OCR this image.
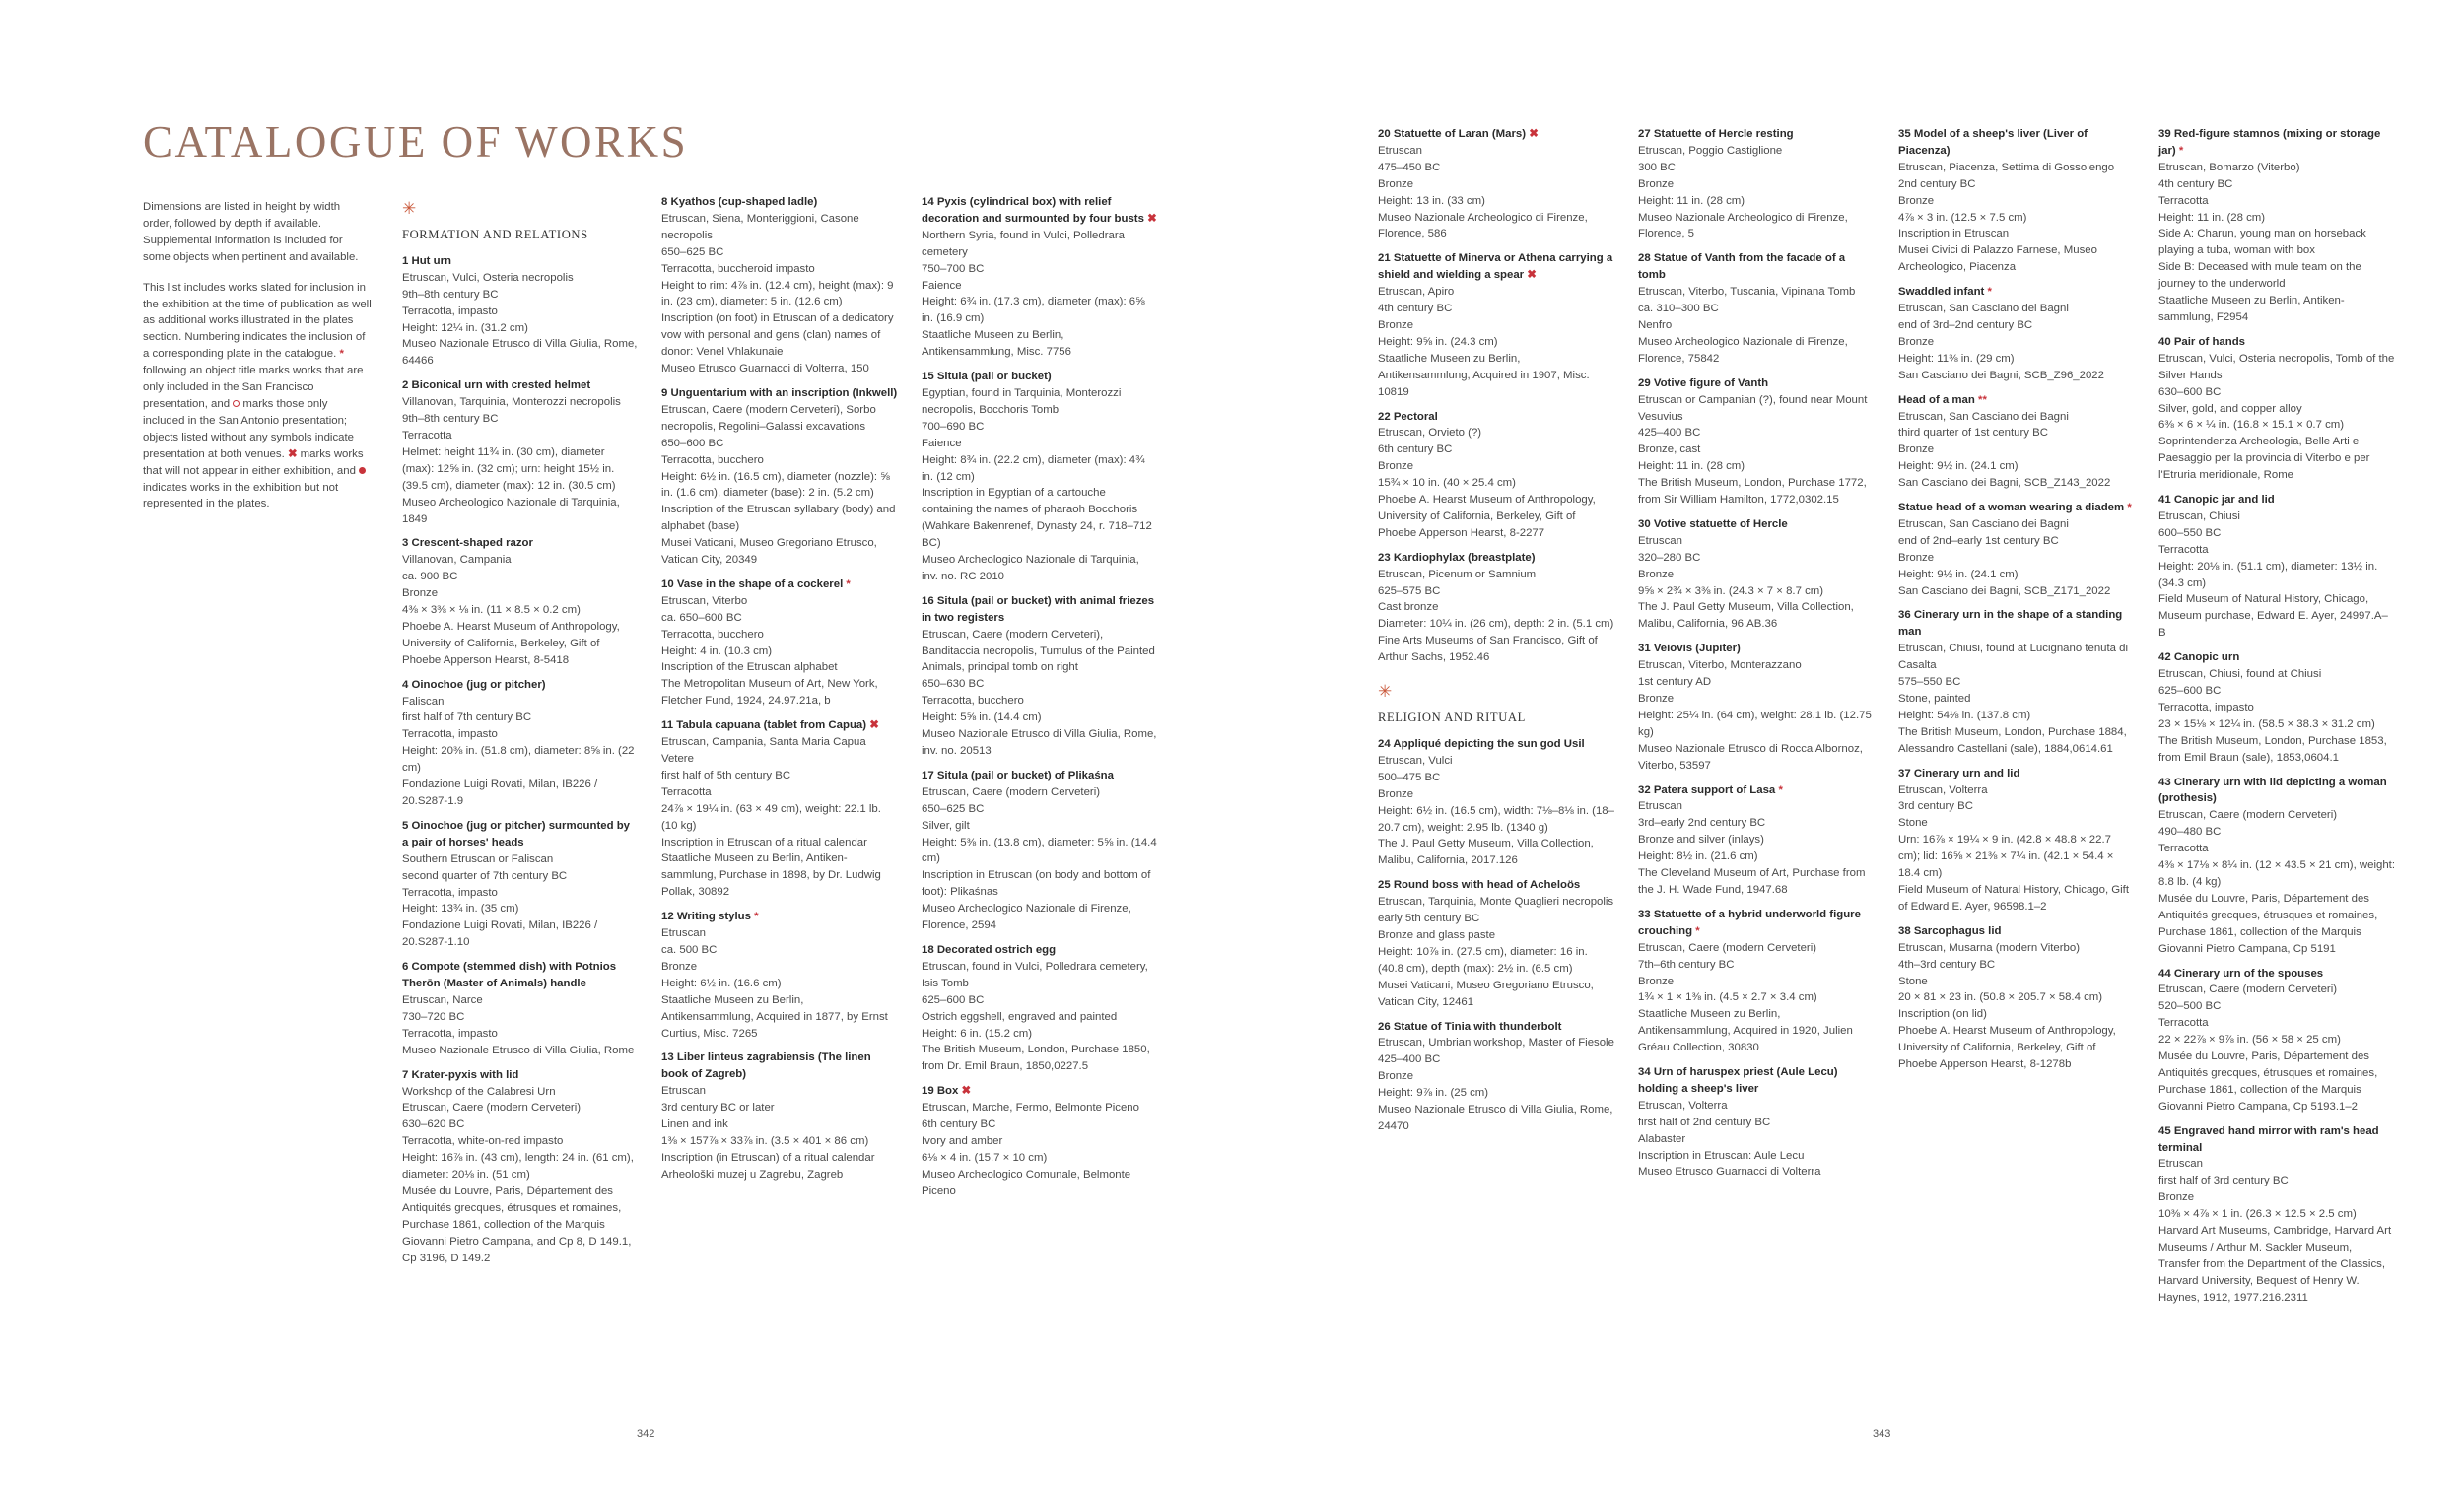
CATALOGUE OF WORKS

Dimensions are listed in height by width order, followed by depth if available. Supplemental information is included for some objects when pertinent and available.

This list includes works slated for inclusion in the exhibition at the time of publication as well as additional works illustrated in the plates section. Numbering indicates the inclusion of a corresponding plate in the catalogue. * following an object title marks works that are only included in the San Francisco presentation, and marks those only included in the San Antonio presentation; objects listed without any symbols indicate presentation at both venues. ✖ marks works that will not appear in either exhibition, and  indicates works in the exhibition but not represented in the plates.

✳
FORMATION AND RELATIONS
1 Hut urn
Etruscan, Vulci, Osteria necropolis
9th–8th century BC
Terracotta, impasto
Height: 12¼ in. (31.2 cm)
Museo Nazionale Etrusco di Villa Giulia, Rome, 64466
2 Biconical urn with crested helmet
Villanovan, Tarquinia, Monterozzi necropolis
9th–8th century BC
Terracotta
Helmet: height 11¾ in. (30 cm), diameter (max): 12⅝ in. (32 cm); urn: height 15½ in. (39.5 cm), diameter (max): 12 in. (30.5 cm)
Museo Archeologico Nazionale di Tarquinia, 1849
3 Crescent-shaped razor
Villanovan, Campania
ca. 900 BC
Bronze
4⅜ × 3⅜ × ⅛ in. (11 × 8.5 × 0.2 cm)
Phoebe A. Hearst Museum of Anthropology, University of California, Berkeley, Gift of Phoebe Apperson Hearst, 8-5418
4 Oinochoe (jug or pitcher)
Faliscan
first half of 7th century BC
Terracotta, impasto
Height: 20⅜ in. (51.8 cm), diameter: 8⅝ in. (22 cm)
Fondazione Luigi Rovati, Milan, IB226 / 20.S287-1.9
5 Oinochoe (jug or pitcher) surmounted by a pair of horses' heads
Southern Etruscan or Faliscan
second quarter of 7th century BC
Terracotta, impasto
Height: 13¾ in. (35 cm)
Fondazione Luigi Rovati, Milan, IB226 / 20.S287-1.10
6 Compote (stemmed dish) with Potnios Therōn (Master of Animals) handle
Etruscan, Narce
730–720 BC
Terracotta, impasto
Museo Nazionale Etrusco di Villa Giulia, Rome
7 Krater-pyxis with lid
Workshop of the Calabresi Urn
Etruscan, Caere (modern Cerveteri)
630–620 BC
Terracotta, white-on-red impasto
Height: 16⅞ in. (43 cm), length: 24 in. (61 cm), diameter: 20⅛ in. (51 cm)
Musée du Louvre, Paris, Département des Antiquités grecques, étrusques et romaines, Purchase 1861, collection of the Marquis Giovanni Pietro Campana, and Cp 8, D 149.1, Cp 3196, D 149.2
8 Kyathos (cup-shaped ladle)
Etruscan, Siena, Monteriggioni, Casone necropolis
650–625 BC
Terracotta, buccheroid impasto
Height to rim: 4⅞ in. (12.4 cm), height (max): 9 in. (23 cm), diameter: 5 in. (12.6 cm)
Inscription (on foot) in Etruscan of a dedicatory vow with personal and gens (clan) names of donor: Venel Vhlakunaie
Museo Etrusco Guarnacci di Volterra, 150
9 Unguentarium with an inscription (Inkwell)
Etruscan, Caere (modern Cerveteri), Sorbo necropolis, Regolini–Galassi excavations
650–600 BC
Terracotta, bucchero
Height: 6½ in. (16.5 cm), diameter (nozzle): ⅝ in. (1.6 cm), diameter (base): 2 in. (5.2 cm)
Inscription of the Etruscan syllabary (body) and alphabet (base)
Musei Vaticani, Museo Gregoriano Etrusco, Vatican City, 20349
10 Vase in the shape of a cockerel *
Etruscan, Viterbo
ca. 650–600 BC
Terracotta, bucchero
Height: 4 in. (10.3 cm)
Inscription of the Etruscan alphabet
The Metropolitan Museum of Art, New York, Fletcher Fund, 1924, 24.97.21a, b
11 Tabula capuana (tablet from Capua) ✖
Etruscan, Campania, Santa Maria Capua Vetere
first half of 5th century BC
Terracotta
24⅞ × 19¼ in. (63 × 49 cm), weight: 22.1 lb. (10 kg)
Inscription in Etruscan of a ritual calendar
Staatliche Museen zu Berlin, Antiken-sammlung, Purchase in 1898, by Dr. Ludwig Pollak, 30892
12 Writing stylus *
Etruscan
ca. 500 BC
Bronze
Height: 6½ in. (16.6 cm)
Staatliche Museen zu Berlin, Antikensammlung, Acquired in 1877, by Ernst Curtius, Misc. 7265
13 Liber linteus zagrabiensis (The linen book of Zagreb)
Etruscan
3rd century BC or later
Linen and ink
1⅜ × 157⅞ × 33⅞ in. (3.5 × 401 × 86 cm)
Inscription (in Etruscan) of a ritual calendar
Arheološki muzej u Zagrebu, Zagreb
14 Pyxis (cylindrical box) with relief decoration and surmounted by four busts ✖
Northern Syria, found in Vulci, Polledrara cemetery
750–700 BC
Faience
Height: 6¾ in. (17.3 cm), diameter (max): 6⅝ in. (16.9 cm)
Staatliche Museen zu Berlin, Antikensammlung, Misc. 7756
15 Situla (pail or bucket)
Egyptian, found in Tarquinia, Monterozzi necropolis, Bocchoris Tomb
700–690 BC
Faience
Height: 8¾ in. (22.2 cm), diameter (max): 4¾ in. (12 cm)
Inscription in Egyptian of a cartouche containing the names of pharaoh Bocchoris (Wahkare Bakenrenef, Dynasty 24, r. 718–712 BC)
Museo Archeologico Nazionale di Tarquinia, inv. no. RC 2010
16 Situla (pail or bucket) with animal friezes in two registers
Etruscan, Caere (modern Cerveteri), Banditaccia necropolis, Tumulus of the Painted Animals, principal tomb on right
650–630 BC
Terracotta, bucchero
Height: 5⅝ in. (14.4 cm)
Museo Nazionale Etrusco di Villa Giulia, Rome, inv. no. 20513
17 Situla (pail or bucket) of Plikaśna
Etruscan, Caere (modern Cerveteri)
650–625 BC
Silver, gilt
Height: 5⅜ in. (13.8 cm), diameter: 5⅝ in. (14.4 cm)
Inscription in Etruscan (on body and bottom of foot): Plikaśnas
Museo Archeologico Nazionale di Firenze, Florence, 2594
18 Decorated ostrich egg
Etruscan, found in Vulci, Polledrara cemetery, Isis Tomb
625–600 BC
Ostrich eggshell, engraved and painted
Height: 6 in. (15.2 cm)
The British Museum, London, Purchase 1850, from Dr. Emil Braun, 1850,0227.5
19 Box ✖
Etruscan, Marche, Fermo, Belmonte Piceno
6th century BC
Ivory and amber
6⅛ × 4 in. (15.7 × 10 cm)
Museo Archeologico Comunale, Belmonte Piceno
342
20 Statuette of Laran (Mars) ✖
Etruscan
475–450 BC
Bronze
Height: 13 in. (33 cm)
Museo Nazionale Archeologico di Firenze, Florence, 586
21 Statuette of Minerva or Athena carrying a shield and wielding a spear ✖
Etruscan, Apiro
4th century BC
Bronze
Height: 9⅝ in. (24.3 cm)
Staatliche Museen zu Berlin, Antikensammlung, Acquired in 1907, Misc. 10819
22 Pectoral
Etruscan, Orvieto (?)
6th century BC
Bronze
15¾ × 10 in. (40 × 25.4 cm)
Phoebe A. Hearst Museum of Anthropology, University of California, Berkeley, Gift of Phoebe Apperson Hearst, 8-2277
23 Kardiophylax (breastplate)
Etruscan, Picenum or Samnium
625–575 BC
Cast bronze
Diameter: 10¼ in. (26 cm), depth: 2 in. (5.1 cm)
Fine Arts Museums of San Francisco, Gift of Arthur Sachs, 1952.46
✳
RELIGION AND RITUAL
24 Appliqué depicting the sun god Usil
Etruscan, Vulci
500–475 BC
Bronze
Height: 6½ in. (16.5 cm), width: 7⅛–8⅛ in. (18–20.7 cm), weight: 2.95 lb. (1340 g)
The J. Paul Getty Museum, Villa Collection, Malibu, California, 2017.126
25 Round boss with head of Acheloös
Etruscan, Tarquinia, Monte Quaglieri necropolis
early 5th century BC
Bronze and glass paste
Height: 10⅞ in. (27.5 cm), diameter: 16 in. (40.8 cm), depth (max): 2½ in. (6.5 cm)
Musei Vaticani, Museo Gregoriano Etrusco, Vatican City, 12461
26 Statue of Tinia with thunderbolt
Etruscan, Umbrian workshop, Master of Fiesole
425–400 BC
Bronze
Height: 9⅞ in. (25 cm)
Museo Nazionale Etrusco di Villa Giulia, Rome, 24470
27 Statuette of Hercle resting
Etruscan, Poggio Castiglione
300 BC
Bronze
Height: 11 in. (28 cm)
Museo Nazionale Archeologico di Firenze, Florence, 5
28 Statue of Vanth from the facade of a tomb
Etruscan, Viterbo, Tuscania, Vipinana Tomb
ca. 310–300 BC
Nenfro
Museo Archeologico Nazionale di Firenze, Florence, 75842
29 Votive figure of Vanth
Etruscan or Campanian (?), found near Mount Vesuvius
425–400 BC
Bronze, cast
Height: 11 in. (28 cm)
The British Museum, London, Purchase 1772, from Sir William Hamilton, 1772,0302.15
30 Votive statuette of Hercle
Etruscan
320–280 BC
Bronze
9⅝ × 2¾ × 3⅜ in. (24.3 × 7 × 8.7 cm)
The J. Paul Getty Museum, Villa Collection, Malibu, California, 96.AB.36
31 Veiovis (Jupiter)
Etruscan, Viterbo, Monterazzano
1st century AD
Bronze
Height: 25¼ in. (64 cm), weight: 28.1 lb. (12.75 kg)
Museo Nazionale Etrusco di Rocca Albornoz, Viterbo, 53597
32 Patera support of Lasa *
Etruscan
3rd–early 2nd century BC
Bronze and silver (inlays)
Height: 8½ in. (21.6 cm)
The Cleveland Museum of Art, Purchase from the J. H. Wade Fund, 1947.68
33 Statuette of a hybrid underworld figure crouching *
Etruscan, Caere (modern Cerveteri)
7th–6th century BC
Bronze
1¾ × 1 × 1⅜ in. (4.5 × 2.7 × 3.4 cm)
Staatliche Museen zu Berlin, Antikensammlung, Acquired in 1920, Julien Gréau Collection, 30830
34 Urn of haruspex priest (Aule Lecu) holding a sheep's liver
Etruscan, Volterra
first half of 2nd century BC
Alabaster
Inscription in Etruscan: Aule Lecu
Museo Etrusco Guarnacci di Volterra
35 Model of a sheep's liver (Liver of Piacenza)
Etruscan, Piacenza, Settima di Gossolengo
2nd century BC
Bronze
4⅞ × 3 in. (12.5 × 7.5 cm)
Inscription in Etruscan
Musei Civici di Palazzo Farnese, Museo Archeologico, Piacenza
Swaddled infant *
Etruscan, San Casciano dei Bagni
end of 3rd–2nd century BC
Bronze
Height: 11⅜ in. (29 cm)
San Casciano dei Bagni, SCB_Z96_2022
Head of a man **
Etruscan, San Casciano dei Bagni
third quarter of 1st century BC
Bronze
Height: 9½ in. (24.1 cm)
San Casciano dei Bagni, SCB_Z143_2022
Statue head of a woman wearing a diadem *
Etruscan, San Casciano dei Bagni
end of 2nd–early 1st century BC
Bronze
Height: 9½ in. (24.1 cm)
San Casciano dei Bagni, SCB_Z171_2022
36 Cinerary urn in the shape of a standing man
Etruscan, Chiusi, found at Lucignano tenuta di Casalta
575–550 BC
Stone, painted
Height: 54⅛ in. (137.8 cm)
The British Museum, London, Purchase 1884, Alessandro Castellani (sale), 1884,0614.61
37 Cinerary urn and lid
Etruscan, Volterra
3rd century BC
Stone
Urn: 16⅞ × 19¼ × 9 in. (42.8 × 48.8 × 22.7 cm); lid: 16⅝ × 21⅜ × 7¼ in. (42.1 × 54.4 × 18.4 cm)
Field Museum of Natural History, Chicago, Gift of Edward E. Ayer, 96598.1–2
38 Sarcophagus lid
Etruscan, Musarna (modern Viterbo)
4th–3rd century BC
Stone
20 × 81 × 23 in. (50.8 × 205.7 × 58.4 cm)
Inscription (on lid)
Phoebe A. Hearst Museum of Anthropology, University of California, Berkeley, Gift of Phoebe Apperson Hearst, 8-1278b
39 Red-figure stamnos (mixing or storage jar) *
Etruscan, Bomarzo (Viterbo)
4th century BC
Terracotta
Height: 11 in. (28 cm)
Side A: Charun, young man on horseback playing a tuba, woman with box
Side B: Deceased with mule team on the journey to the underworld
Staatliche Museen zu Berlin, Antiken-sammlung, F2954
40 Pair of hands
Etruscan, Vulci, Osteria necropolis, Tomb of the Silver Hands
630–600 BC
Silver, gold, and copper alloy
6⅜ × 6 × ¼ in. (16.8 × 15.1 × 0.7 cm)
Soprintendenza Archeologia, Belle Arti e Paesaggio per la provincia di Viterbo e per l'Etruria meridionale, Rome
41 Canopic jar and lid
Etruscan, Chiusi
600–550 BC
Terracotta
Height: 20⅛ in. (51.1 cm), diameter: 13½ in. (34.3 cm)
Field Museum of Natural History, Chicago, Museum purchase, Edward E. Ayer, 24997.A–B
42 Canopic urn
Etruscan, Chiusi, found at Chiusi
625–600 BC
Terracotta, impasto
23 × 15⅛ × 12¼ in. (58.5 × 38.3 × 31.2 cm)
The British Museum, London, Purchase 1853, from Emil Braun (sale), 1853,0604.1
43 Cinerary urn with lid depicting a woman (prothesis)
Etruscan, Caere (modern Cerveteri)
490–480 BC
Terracotta
4⅜ × 17⅛ × 8¼ in. (12 × 43.5 × 21 cm), weight: 8.8 lb. (4 kg)
Musée du Louvre, Paris, Département des Antiquités grecques, étrusques et romaines, Purchase 1861, collection of the Marquis Giovanni Pietro Campana, Cp 5191
44 Cinerary urn of the spouses
Etruscan, Caere (modern Cerveteri)
520–500 BC
Terracotta
22 × 22⅞ × 9⅞ in. (56 × 58 × 25 cm)
Musée du Louvre, Paris, Département des Antiquités grecques, étrusques et romaines, Purchase 1861, collection of the Marquis Giovanni Pietro Campana, Cp 5193.1–2
45 Engraved hand mirror with ram's head terminal
Etruscan
first half of 3rd century BC
Bronze
10⅜ × 4⅞ × 1 in. (26.3 × 12.5 × 2.5 cm)
Harvard Art Museums, Cambridge, Harvard Art Museums / Arthur M. Sackler Museum, Transfer from the Department of the Classics, Harvard University, Bequest of Henry W. Haynes, 1912, 1977.216.2311
343
